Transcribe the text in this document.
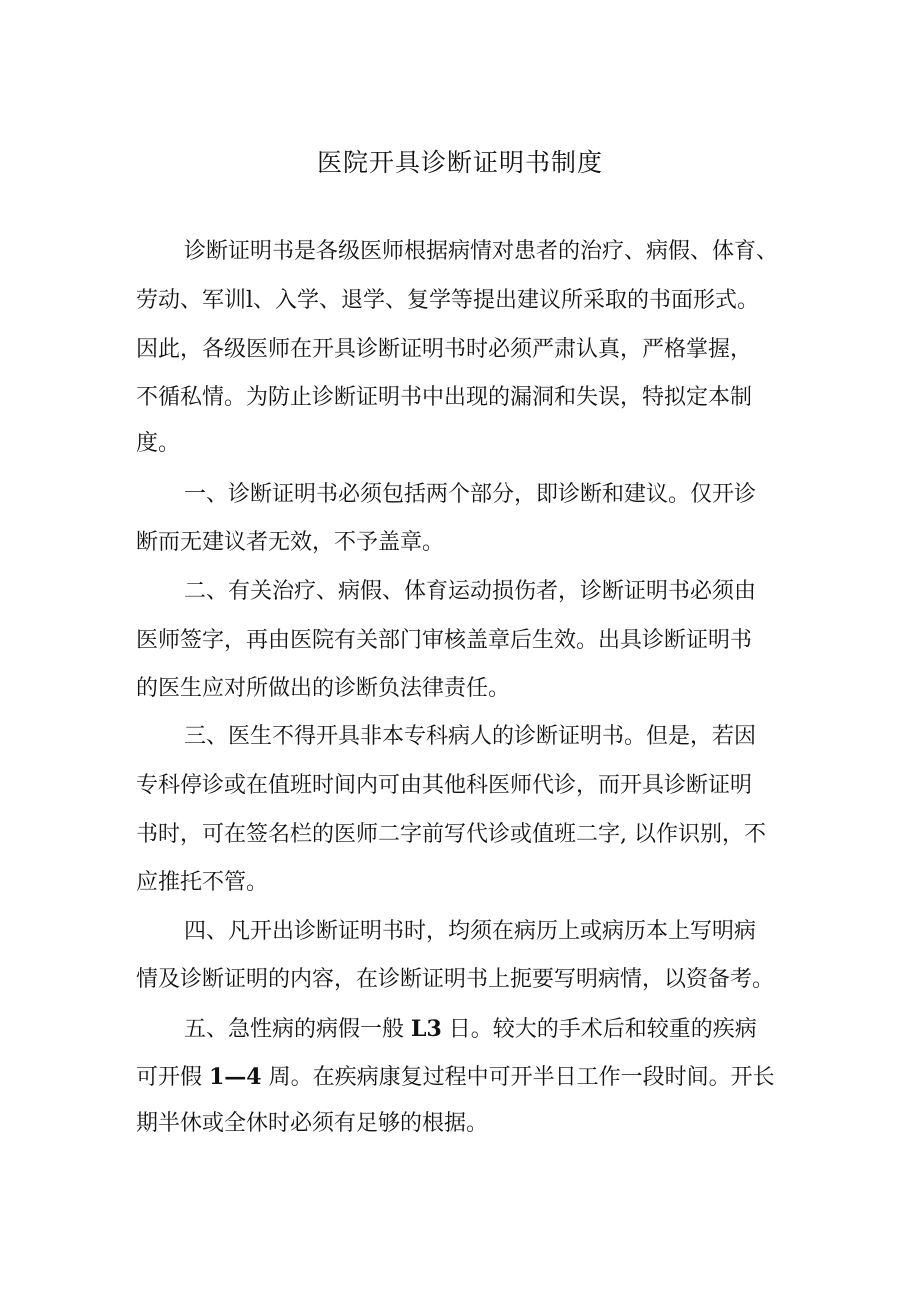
医院开具诊断证明书制度
诊断证明书是各级医师根据病情对患者的治疗、病假、体育、
劳动、军训l、入学、退学、复学等提出建议所采取的书面形式。
因此，各级医师在开具诊断证明书时必须严肃认真，严格掌握，
不循私情。为防止诊断证明书中出现的漏洞和失误，特拟定本制
度。
一、诊断证明书必须包括两个部分，即诊断和建议。仅开诊
断而无建议者无效，不予盖章。
二、有关治疗、病假、体育运动损伤者，诊断证明书必须由
医师签字，再由医院有关部门审核盖章后生效。出具诊断证明书
的医生应对所做出的诊断负法律责任。
三、医生不得开具非本专科病人的诊断证明书。但是，若因
专科停诊或在值班时间内可由其他科医师代诊，而开具诊断证明
书时，可在签名栏的医师二字前写代诊或值班二字, 以作识别，不
应推托不管。
四、凡开出诊断证明书时，均须在病历上或病历本上写明病
情及诊断证明的内容，在诊断证明书上扼要写明病情，以资备考。
五、急性病的病假一般 L3 日。较大的手术后和较重的疾病
可开假 1—4 周。在疾病康复过程中可开半日工作一段时间。开长
期半休或全休时必须有足够的根据。
